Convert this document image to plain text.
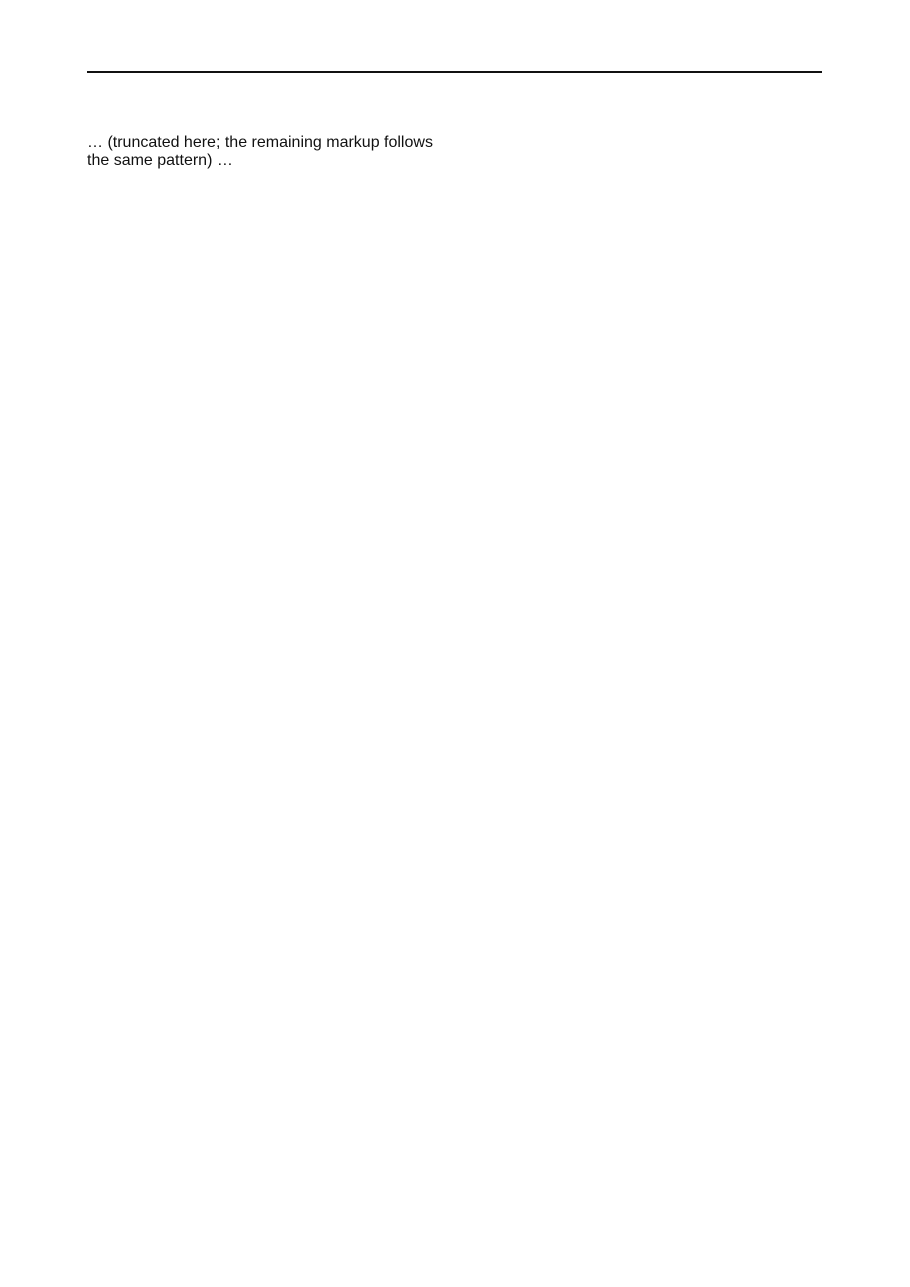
… (truncated here; the remaining markup follows the same pattern) …
